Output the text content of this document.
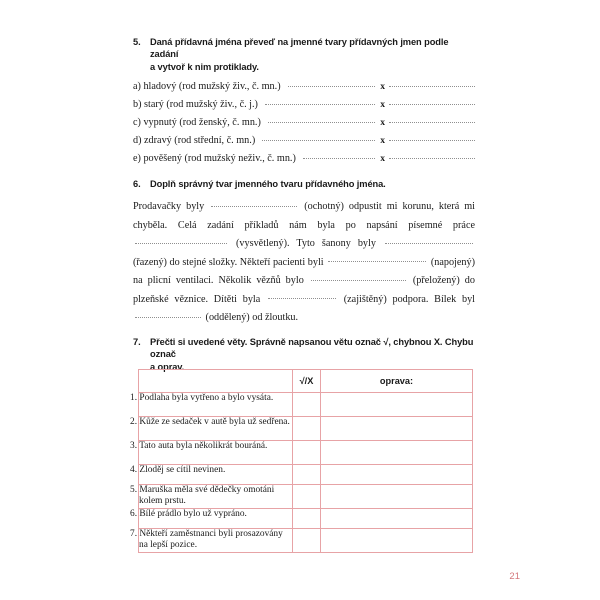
5. Daná přídavná jména převeď na jmenné tvary přídavných jmen podle zadání
a vytvoř k nim protiklady.
a) hladový (rod mužský živ., č. mn.)	x
b) starý (rod mužský živ., č. j.)	x
c) vypnutý (rod ženský, č. mn.)	x
d) zdravý (rod střední, č. mn.)	x
e) pověšený (rod mužský neživ., č. mn.)	x
6. Doplň správný tvar jmenného tvaru přídavného jména.

Prodavačky byly	(ochotný) odpustit mi korunu, která mi chyběla. Celá zadání příkladů nám byla po napsání písemné práce  (vysvětlený). Tyto šanony byly  (řazený) do stejné složky. Někteří pacienti byli	(napojený) na plicní ventilaci. Několik vězňů bylo	(přeložený) do plzeňské věznice. Dítěti byla	(zajištěný) podpora. Bílek byl  (oddělený) od žloutku.

7. Přečti si uvedené věty. Správně napsanou větu označ √, chybnou X. Chybu označ
a oprav.
	√/X	oprava:
1. Podlaha byla vytřeno a bylo vysáta.		
2. Kůže ze sedaček v autě byla už sedřena.		
3. Tato auta byla několikrát bouráná.		
4. Zloděj se cítil nevinen.		
5. Maruška měla své dědečky omotáni kolem prstu.		
6. Bílé prádlo bylo už vypráno.		
7. Někteří zaměstnanci byli prosazovány na lepší pozice.		
21
